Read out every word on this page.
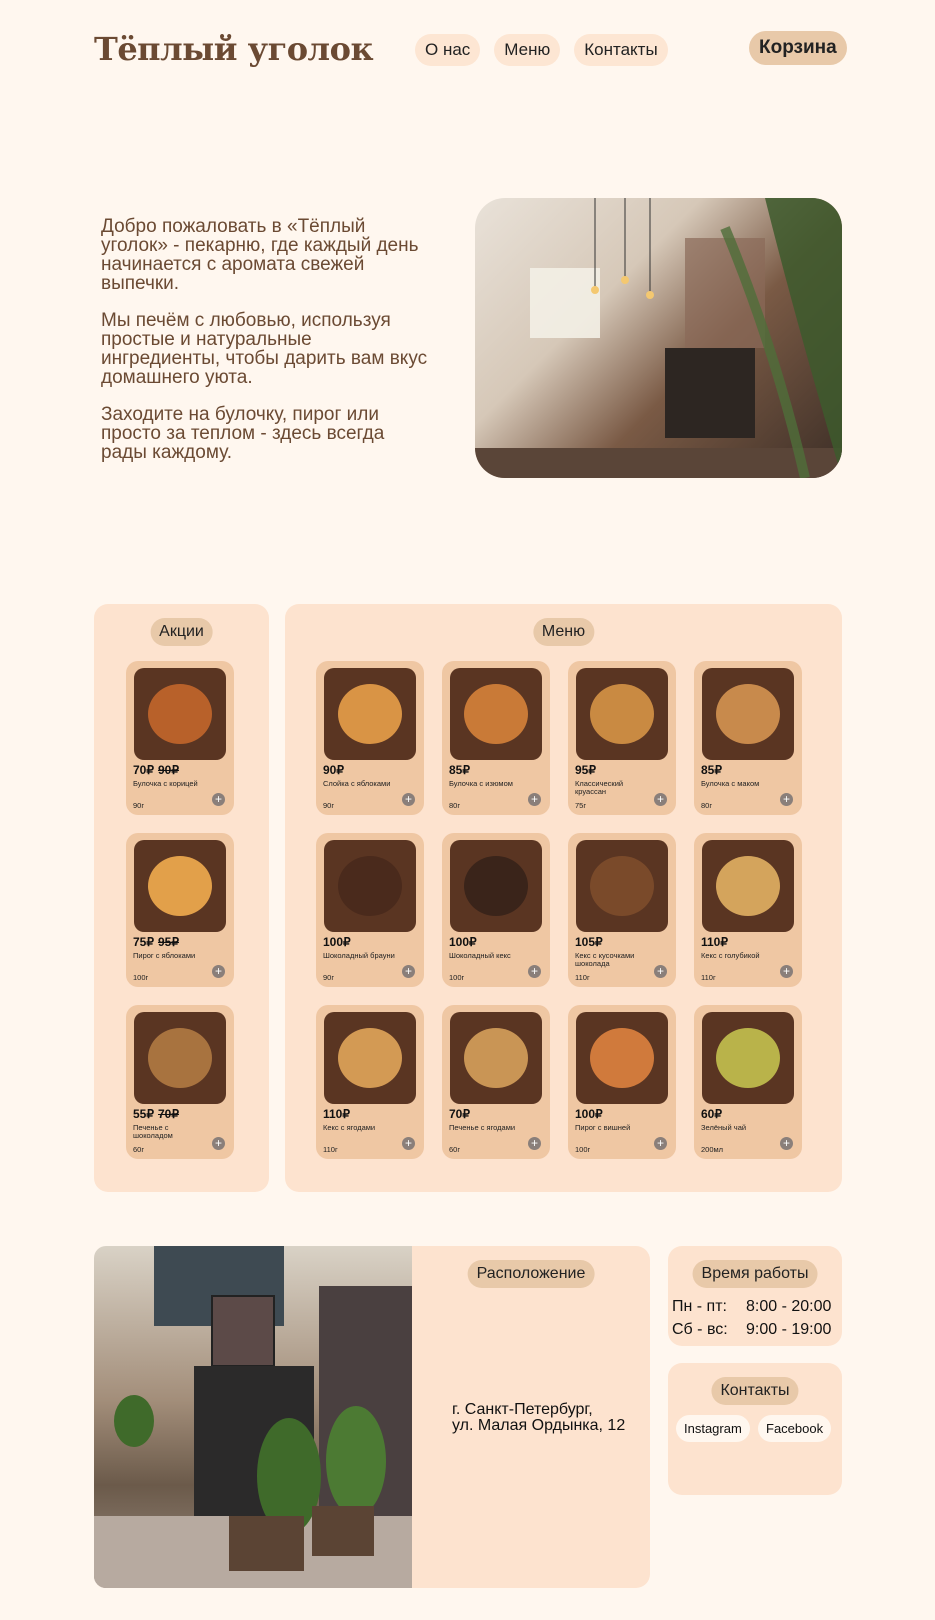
Тёплый уголок	О нас	Меню	Контакты	Корзина

Добро пожаловать в «Тёплый уголок» - пекарню, где каждый день начинается с аромата свежей выпечки.

Мы печём с любовью, используя простые и натуральные ингредиенты, чтобы дарить вам вкус домашнего уюта.

Заходите на булочку, пирог или просто за теплом - здесь всегда рады каждому.

Акции	Меню
Расположение
г. Санкт-Петербург,
ул. Малая Ордынка, 12
Время работы
Пн - пт:	8:00 - 20:00
Сб - вс:	9:00 - 19:00
Контакты
Instagram	Facebook
70₽ 90₽
Булочка с корицей
90г	+
75₽ 95₽
Пирог с яблоками
100г	+
55₽ 70₽
Печенье с шоколадом
60г	+
90₽
Слойка с яблоками
90г	+
85₽
Булочка с изюмом
80г	+
95₽
Классический круассан
75г	+
85₽
Булочка с маком
80г	+
100₽
Шоколадный брауни
90г	+
100₽
Шоколадный кекс
100г	+
105₽
Кекс с кусочками шоколада
110г	+
110₽
Кекс с голубикой
110г	+
110₽
Кекс с ягодами
110г	+
70₽
Печенье с ягодами
60г	+
100₽
Пирог с вишней
100г	+
60₽
Зелёный чай
200мл	+
